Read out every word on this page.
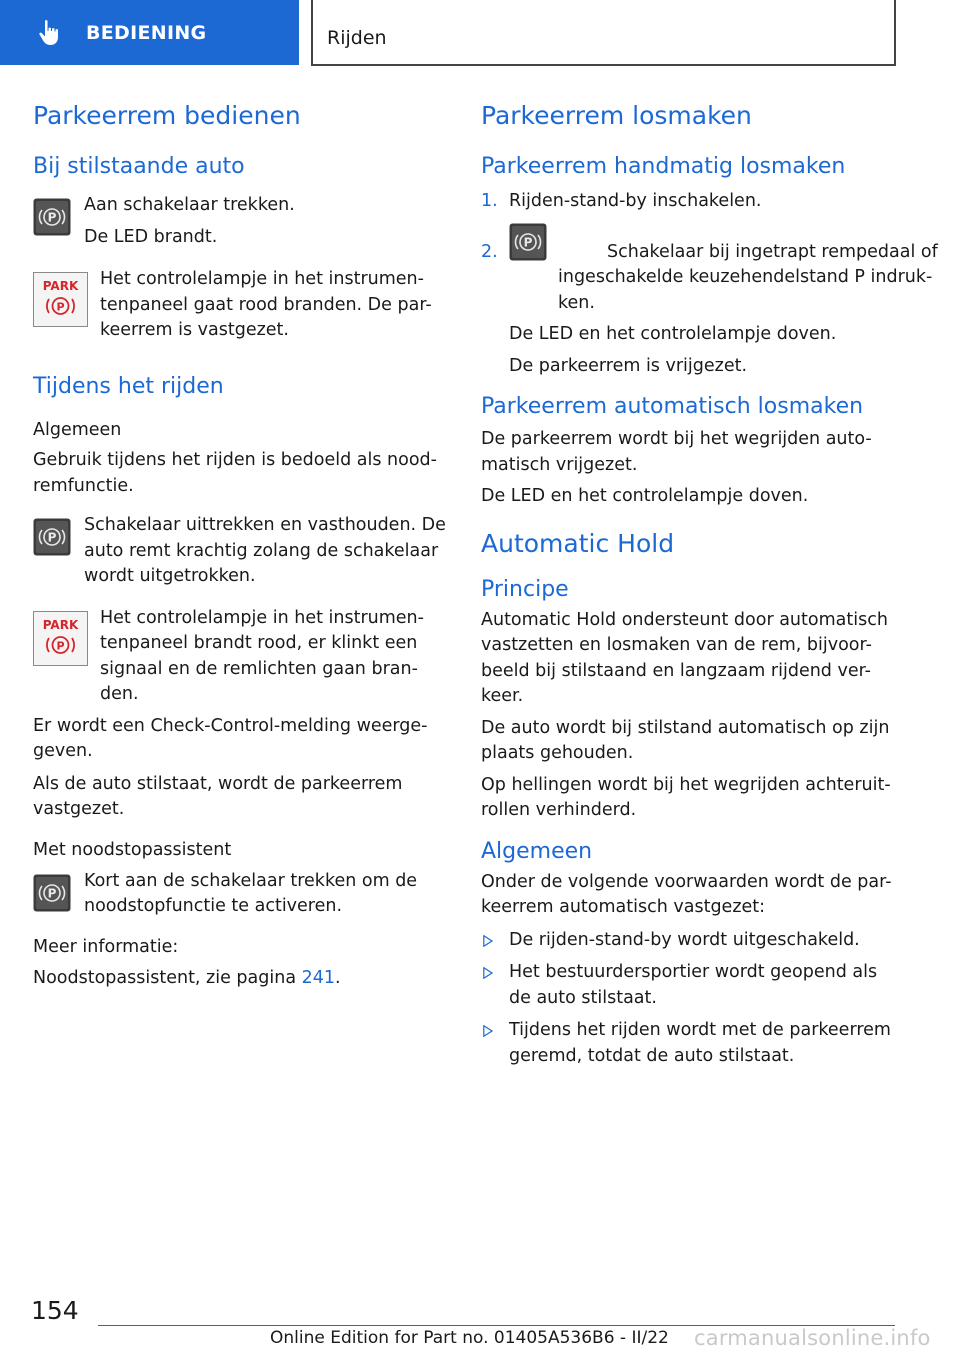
BEDIENING	Rijden
Parkeerrem bedienen
Bij stilstaande auto
P
Aan schakelaar trekken.
De LED brandt.
PARK
P
Het controlelampje in het instrumen-tenpaneel gaat rood branden. De par-keerrem is vastgezet.
Tijdens het rijden
Algemeen
Gebruik tijdens het rijden is bedoeld als nood-remfunctie.
P
Schakelaar uittrekken en vasthouden. De auto remt krachtig zolang de schakelaar wordt uitgetrokken.
PARK
P
Het controlelampje in het instrumen-tenpaneel brandt rood, er klinkt een signaal en de remlichten gaan bran-den.
Er wordt een Check-Control-melding weerge-geven.
Als de auto stilstaat, wordt de parkeerrem vastgezet.
Met noodstopassistent
P
Kort aan de schakelaar trekken om de noodstopfunctie te activeren.
Meer informatie:
Noodstopassistent, zie pagina 241.
Parkeerrem losmaken
Parkeerrem handmatig losmaken
1. Rijden-stand-by inschakelen.
2. P	Schakelaar bij ingetrapt rempedaal of ingeschakelde keuzehendelstand P indruk-ken.
De LED en het controlelampje doven.
De parkeerrem is vrijgezet.
Parkeerrem automatisch losmaken
De parkeerrem wordt bij het wegrijden auto-matisch vrijgezet.
De LED en het controlelampje doven.
Automatic Hold
Principe
Automatic Hold ondersteunt door automatisch vastzetten en losmaken van de rem, bijvoor-beeld bij stilstaand en langzaam rijdend ver-keer.
De auto wordt bij stilstand automatisch op zijn plaats gehouden.
Op hellingen wordt bij het wegrijden achteruit-rollen verhinderd.
Algemeen
Onder de volgende voorwaarden wordt de par-keerrem automatisch vastgezet:
De rijden-stand-by wordt uitgeschakeld.
Het bestuurdersportier wordt geopend als de auto stilstaat.
Tijdens het rijden wordt met de parkeerrem geremd, totdat de auto stilstaat.
154
Online Edition for Part no. 01405A536B6 - II/22	carmanualsonline.info
